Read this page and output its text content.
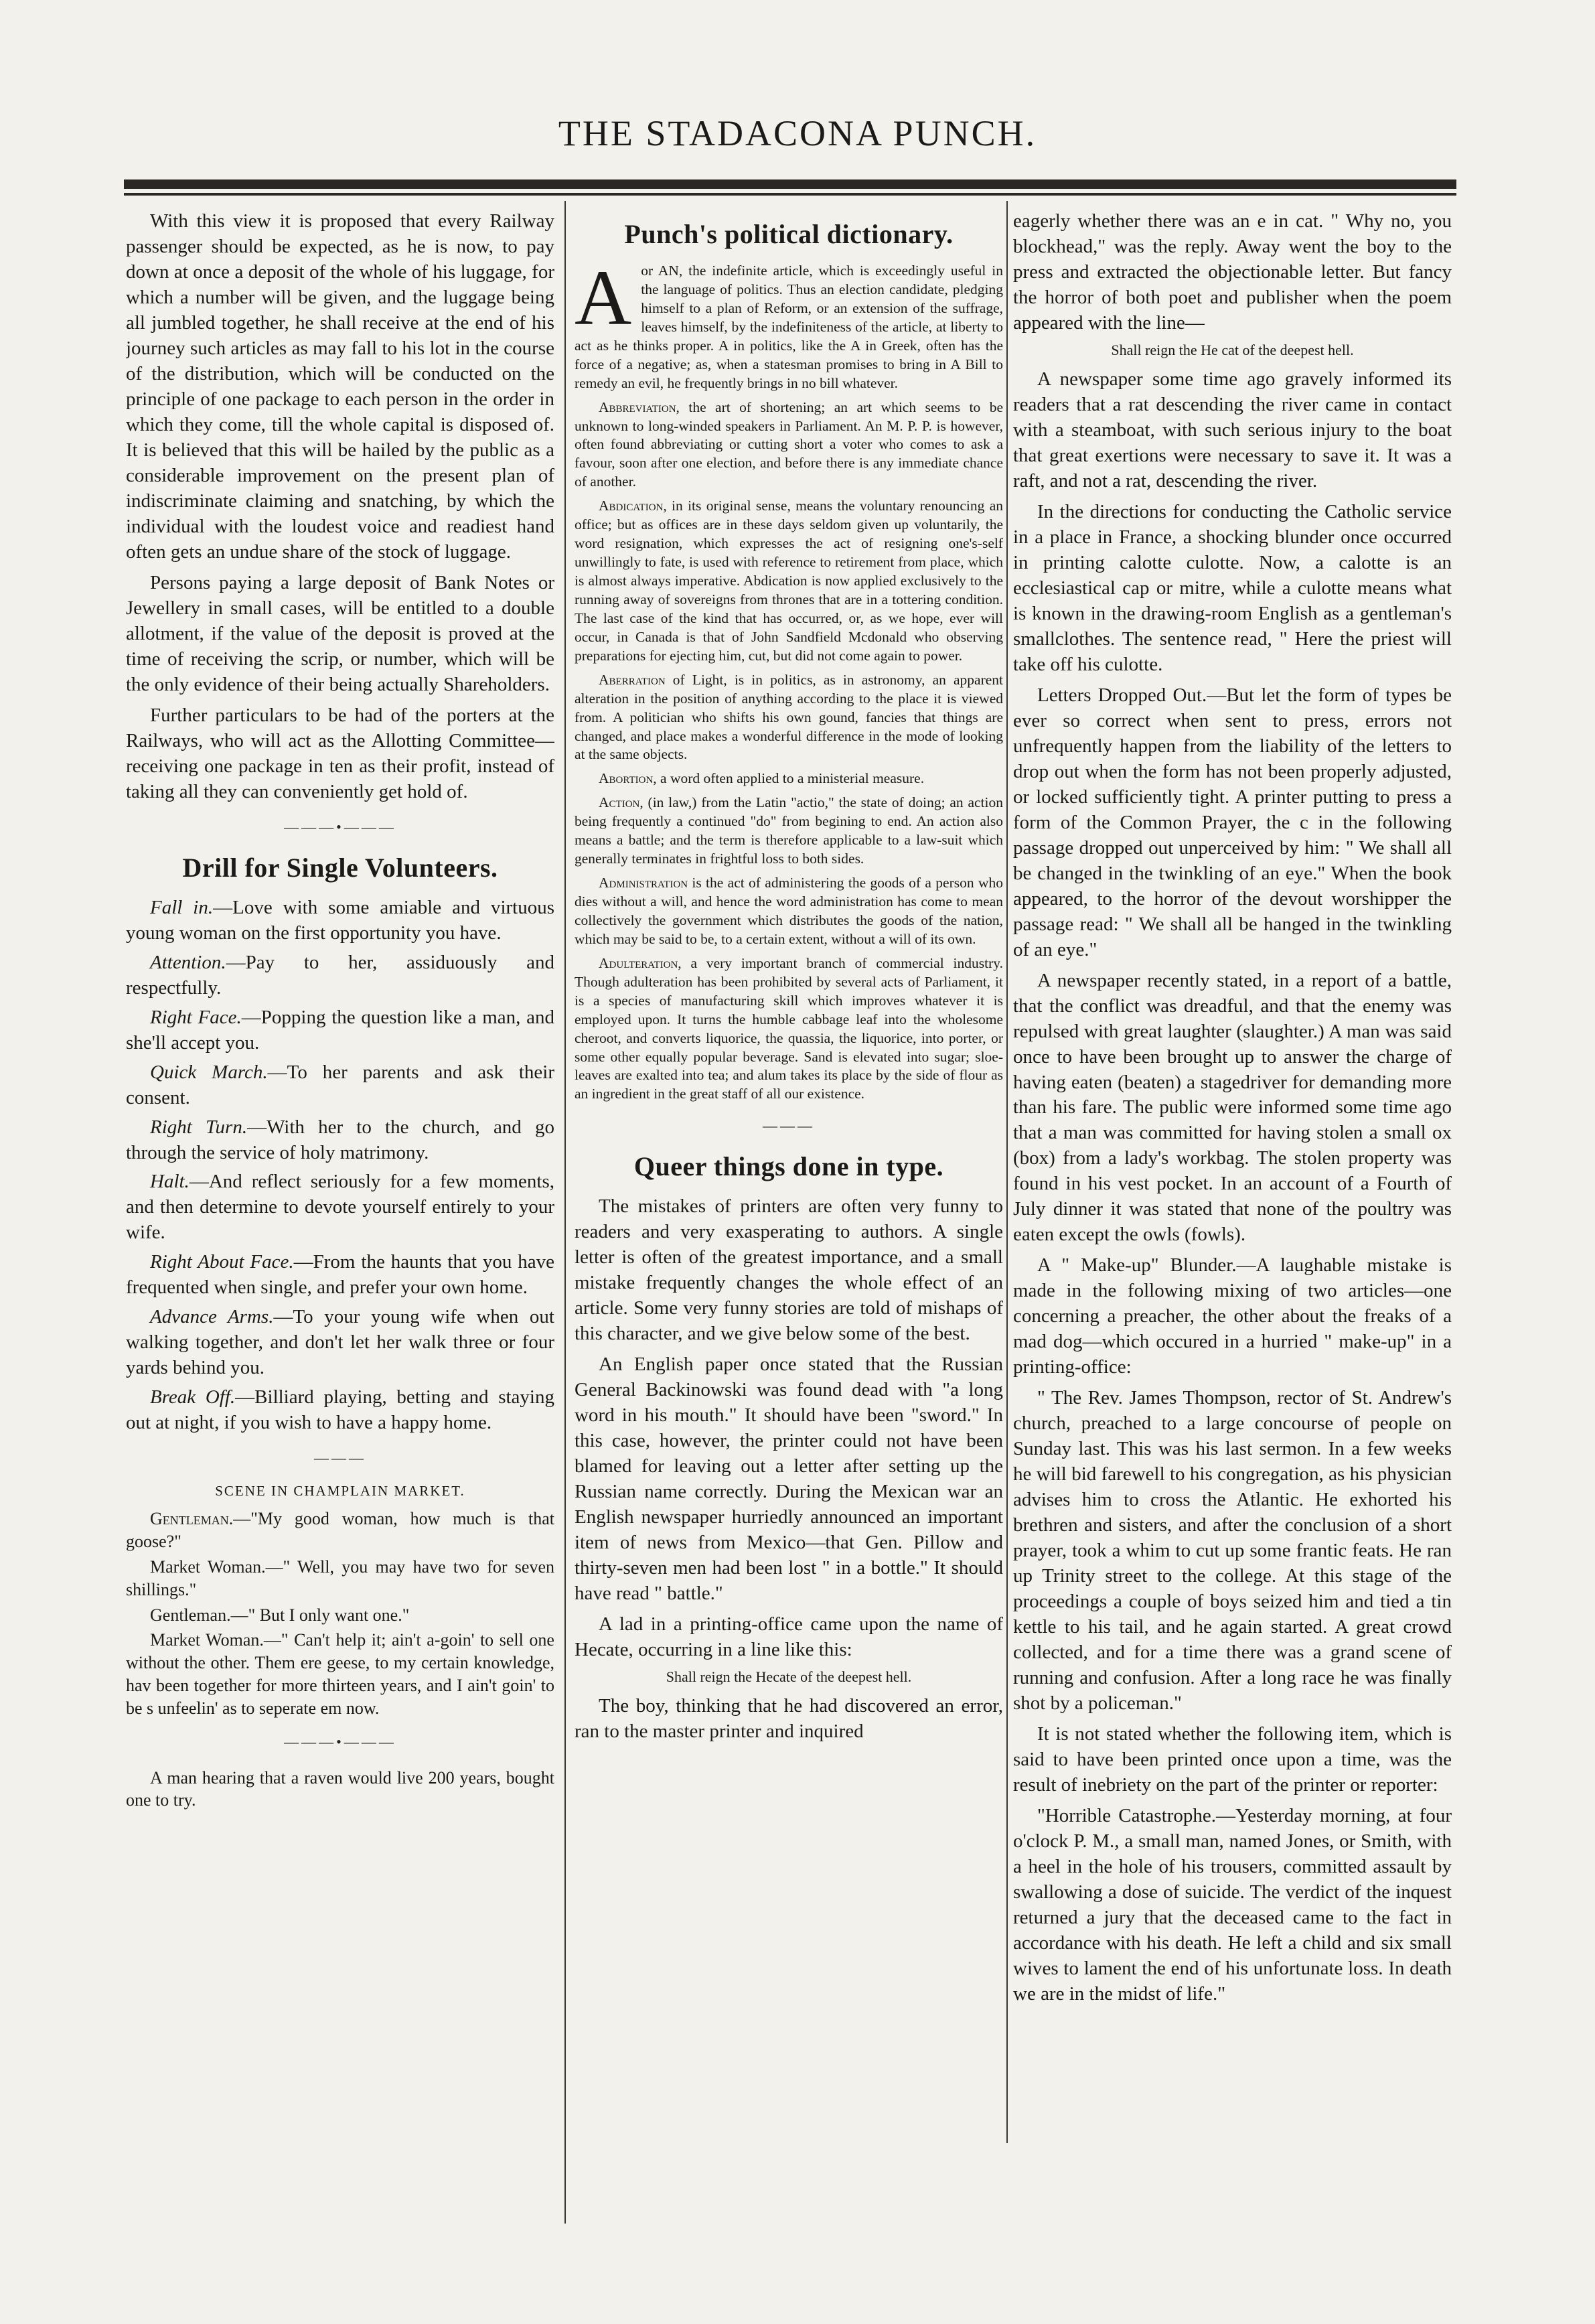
THE STADACONA PUNCH.

With this view it is proposed that every Railway passenger should be expected, as he is now, to pay down at once a deposit of the whole of his luggage, for which a number will be given, and the luggage being all jumbled together, he shall receive at the end of his journey such articles as may fall to his lot in the course of the distribution, which will be conducted on the principle of one package to each person in the order in which they come, till the whole capital is disposed of. It is believed that this will be hailed by the public as a considerable improvement on the present plan of indiscriminate claiming and snatching, by which the individual with the loudest voice and readiest hand often gets an undue share of the stock of luggage.

Persons paying a large deposit of Bank Notes or Jewellery in small cases, will be entitled to a double allotment, if the value of the deposit is proved at the time of receiving the scrip, or number, which will be the only evidence of their being actually Shareholders.

Further particulars to be had of the porters at the Railways, who will act as the Allotting Committee—receiving one package in ten as their profit, instead of taking all they can conveniently get hold of.

———•———
Drill for Single Volunteers.

Fall in.—Love with some amiable and virtuous young woman on the first opportunity you have.

Attention.—Pay to her, assiduously and respectfully.

Right Face.—Popping the question like a man, and she'll accept you.

Quick March.—To her parents and ask their consent.

Right Turn.—With her to the church, and go through the service of holy matrimony.

Halt.—And reflect seriously for a few moments, and then determine to devote yourself entirely to your wife.

Right About Face.—From the haunts that you have frequented when single, and prefer your own home.

Advance Arms.—To your young wife when out walking together, and don't let her walk three or four yards behind you.

Break Off.—Billiard playing, betting and staying out at night, if you wish to have a happy home.

———
SCENE IN CHAMPLAIN MARKET.

Gentleman.—"My good woman, how much is that goose?"

Market Woman.—" Well, you may have two for seven shillings."

Gentleman.—" But I only want one."

Market Woman.—" Can't help it; ain't a-goin' to sell one without the other. Them ere geese, to my certain knowledge, hav been together for more thirteen years, and I ain't goin' to be s unfeelin' as to seperate em now.

———•———

A man hearing that a raven would live 200 years, bought one to try.

Punch's political dictionary.

Aor AN, the indefinite article, which is exceedingly useful in the language of politics. Thus an election candidate, pledging himself to a plan of Reform, or an extension of the suffrage, leaves himself, by the indefiniteness of the article, at liberty to act as he thinks proper. A in politics, like the A in Greek, often has the force of a negative; as, when a statesman promises to bring in A Bill to remedy an evil, he frequently brings in no bill whatever.

Abbreviation, the art of shortening; an art which seems to be unknown to long-winded speakers in Parliament. An M. P. P. is however, often found abbreviating or cutting short a voter who comes to ask a favour, soon after one election, and before there is any immediate chance of another.

Abdication, in its original sense, means the voluntary renouncing an office; but as offices are in these days seldom given up voluntarily, the word resignation, which expresses the act of resigning one's-self unwillingly to fate, is used with reference to retirement from place, which is almost always imperative. Abdication is now applied exclusively to the running away of sovereigns from thrones that are in a tottering condition. The last case of the kind that has occurred, or, as we hope, ever will occur, in Canada is that of John Sandfield Mcdonald who observing preparations for ejecting him, cut, but did not come again to power.

Aberration of Light, is in politics, as in astronomy, an apparent alteration in the position of anything according to the place it is viewed from. A politician who shifts his own gound, fancies that things are changed, and place makes a wonderful difference in the mode of looking at the same objects.

Abortion, a word often applied to a ministerial measure.

Action, (in law,) from the Latin "actio," the state of doing; an action being frequently a continued "do" from begining to end. An action also means a battle; and the term is therefore applicable to a law-suit which generally terminates in frightful loss to both sides.

Administration is the act of administering the goods of a person who dies without a will, and hence the word administration has come to mean collectively the government which distributes the goods of the nation, which may be said to be, to a certain extent, without a will of its own.

Adulteration, a very important branch of commercial industry. Though adulteration has been prohibited by several acts of Parliament, it is a species of manufacturing skill which improves whatever it is employed upon. It turns the humble cabbage leaf into the wholesome cheroot, and converts liquorice, the quassia, the liquorice, into porter, or some other equally popular beverage. Sand is elevated into sugar; sloe-leaves are exalted into tea; and alum takes its place by the side of flour as an ingredient in the great staff of all our existence.

———
Queer things done in type.

The mistakes of printers are often very funny to readers and very exasperating to authors. A single letter is often of the greatest importance, and a small mistake frequently changes the whole effect of an article. Some very funny stories are told of mishaps of this character, and we give below some of the best.

An English paper once stated that the Russian General Backinowski was found dead with "a long word in his mouth." It should have been "sword." In this case, however, the printer could not have been blamed for leaving out a letter after setting up the Russian name correctly. During the Mexican war an English newspaper hurriedly announced an important item of news from Mexico—that Gen. Pillow and thirty-seven men had been lost " in a bottle." It should have read " battle."

A lad in a printing-office came upon the name of Hecate, occurring in a line like this:

Shall reign the Hecate of the deepest hell.

The boy, thinking that he had discovered an error, ran to the master printer and inquired

eagerly whether there was an e in cat. " Why no, you blockhead," was the reply. Away went the boy to the press and extracted the objectionable letter. But fancy the horror of both poet and publisher when the poem appeared with the line—

Shall reign the He cat of the deepest hell.

A newspaper some time ago gravely informed its readers that a rat descending the river came in contact with a steamboat, with such serious injury to the boat that great exertions were necessary to save it. It was a raft, and not a rat, descending the river.

In the directions for conducting the Catholic service in a place in France, a shocking blunder once occurred in printing calotte culotte. Now, a calotte is an ecclesiastical cap or mitre, while a culotte means what is known in the drawing-room English as a gentleman's smallclothes. The sentence read, " Here the priest will take off his culotte.

Letters Dropped Out.—But let the form of types be ever so correct when sent to press, errors not unfrequently happen from the liability of the letters to drop out when the form has not been properly adjusted, or locked sufficiently tight. A printer putting to press a form of the Common Prayer, the c in the following passage dropped out unperceived by him: " We shall all be changed in the twinkling of an eye." When the book appeared, to the horror of the devout worshipper the passage read: " We shall all be hanged in the twinkling of an eye."

A newspaper recently stated, in a report of a battle, that the conflict was dreadful, and that the enemy was repulsed with great laughter (slaughter.) A man was said once to have been brought up to answer the charge of having eaten (beaten) a stagedriver for demanding more than his fare. The public were informed some time ago that a man was committed for having stolen a small ox (box) from a lady's workbag. The stolen property was found in his vest pocket. In an account of a Fourth of July dinner it was stated that none of the poultry was eaten except the owls (fowls).

A " Make-up" Blunder.—A laughable mistake is made in the following mixing of two articles—one concerning a preacher, the other about the freaks of a mad dog—which occured in a hurried " make-up" in a printing-office:

" The Rev. James Thompson, rector of St. Andrew's church, preached to a large concourse of people on Sunday last. This was his last sermon. In a few weeks he will bid farewell to his congregation, as his physician advises him to cross the Atlantic. He exhorted his brethren and sisters, and after the conclusion of a short prayer, took a whim to cut up some frantic feats. He ran up Trinity street to the college. At this stage of the proceedings a couple of boys seized him and tied a tin kettle to his tail, and he again started. A great crowd collected, and for a time there was a grand scene of running and confusion. After a long race he was finally shot by a policeman."

It is not stated whether the following item, which is said to have been printed once upon a time, was the result of inebriety on the part of the printer or reporter:

"Horrible Catastrophe.—Yesterday morning, at four o'clock P. M., a small man, named Jones, or Smith, with a heel in the hole of his trousers, committed assault by swallowing a dose of suicide. The verdict of the inquest returned a jury that the deceased came to the fact in accordance with his death. He left a child and six small wives to lament the end of his unfortunate loss. In death we are in the midst of life."
